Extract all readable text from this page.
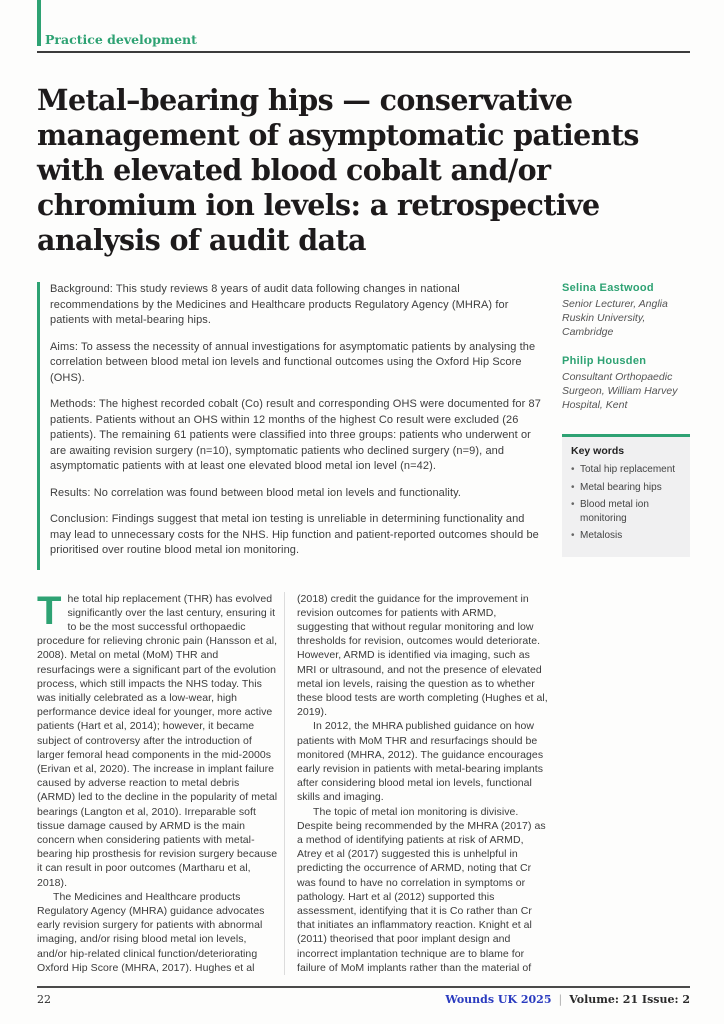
Practice development
Metal–bearing hips — conservative management of asymptomatic patients with elevated blood cobalt and/or chromium ion levels: a retrospective analysis of audit data

Background: This study reviews 8 years of audit data following changes in national recommendations by the Medicines and Healthcare products Regulatory Agency (MHRA) for patients with metal-bearing hips.

Aims: To assess the necessity of annual investigations for asymptomatic patients by analysing the correlation between blood metal ion levels and functional outcomes using the Oxford Hip Score (OHS).

Methods: The highest recorded cobalt (Co) result and corresponding OHS were documented for 87 patients. Patients without an OHS within 12 months of the highest Co result were excluded (26 patients). The remaining 61 patients were classified into three groups: patients who underwent or are awaiting revision surgery (n=10), symptomatic patients who declined surgery (n=9), and asymptomatic patients with at least one elevated blood metal ion level (n=42).

Results: No correlation was found between blood metal ion levels and functionality.

Conclusion: Findings suggest that metal ion testing is unreliable in determining functionality and may lead to unnecessary costs for the NHS. Hip function and patient-reported outcomes should be prioritised over routine blood metal ion monitoring.

Selina Eastwood
Senior Lecturer, Anglia Ruskin University, Cambridge
Philip Housden
Consultant Orthopaedic Surgeon, William Harvey Hospital, Kent
Key words
• Total hip replacement
• Metal bearing hips
• Blood metal ion monitoring
• Metalosis

The total hip replacement (THR) has evolved significantly over the last century, ensuring it to be the most successful orthopaedic procedure for relieving chronic pain (Hansson et al, 2008). Metal on metal (MoM) THR and resurfacings were a significant part of the evolution process, which still impacts the NHS today. This was initially celebrated as a low-wear, high performance device ideal for younger, more active patients (Hart et al, 2014); however, it became subject of controversy after the introduction of larger femoral head components in the mid-2000s (Erivan et al, 2020). The increase in implant failure caused by adverse reaction to metal debris (ARMD) led to the decline in the popularity of metal bearings (Langton et al, 2010). Irreparable soft tissue damage caused by ARMD is the main concern when considering patients with metal-bearing hip prosthesis for revision surgery because it can result in poor outcomes (Martharu et al, 2018).

The Medicines and Healthcare products Regulatory Agency (MHRA) guidance advocates early revision surgery for patients with abnormal imaging, and/or rising blood metal ion levels, and/or hip-related clinical function/deteriorating Oxford Hip Score (MHRA, 2017). Hughes et al

(2018) credit the guidance for the improvement in revision outcomes for patients with ARMD, suggesting that without regular monitoring and low thresholds for revision, outcomes would deteriorate. However, ARMD is identified via imaging, such as MRI or ultrasound, and not the presence of elevated metal ion levels, raising the question as to whether these blood tests are worth completing (Hughes et al, 2019).

In 2012, the MHRA published guidance on how patients with MoM THR and resurfacings should be monitored (MHRA, 2012). The guidance encourages early revision in patients with metal-bearing implants after considering blood metal ion levels, functional skills and imaging.

The topic of metal ion monitoring is divisive. Despite being recommended by the MHRA (2017) as a method of identifying patients at risk of ARMD, Atrey et al (2017) suggested this is unhelpful in predicting the occurrence of ARMD, noting that Cr was found to have no correlation in symptoms or pathology. Hart et al (2012) supported this assessment, identifying that it is Co rather than Cr that initiates an inflammatory reaction. Knight et al (2011) theorised that poor implant design and incorrect implantation technique are to blame for failure of MoM implants rather than the material of

22	Wounds UK 2025 | Volume: 21 Issue: 2
